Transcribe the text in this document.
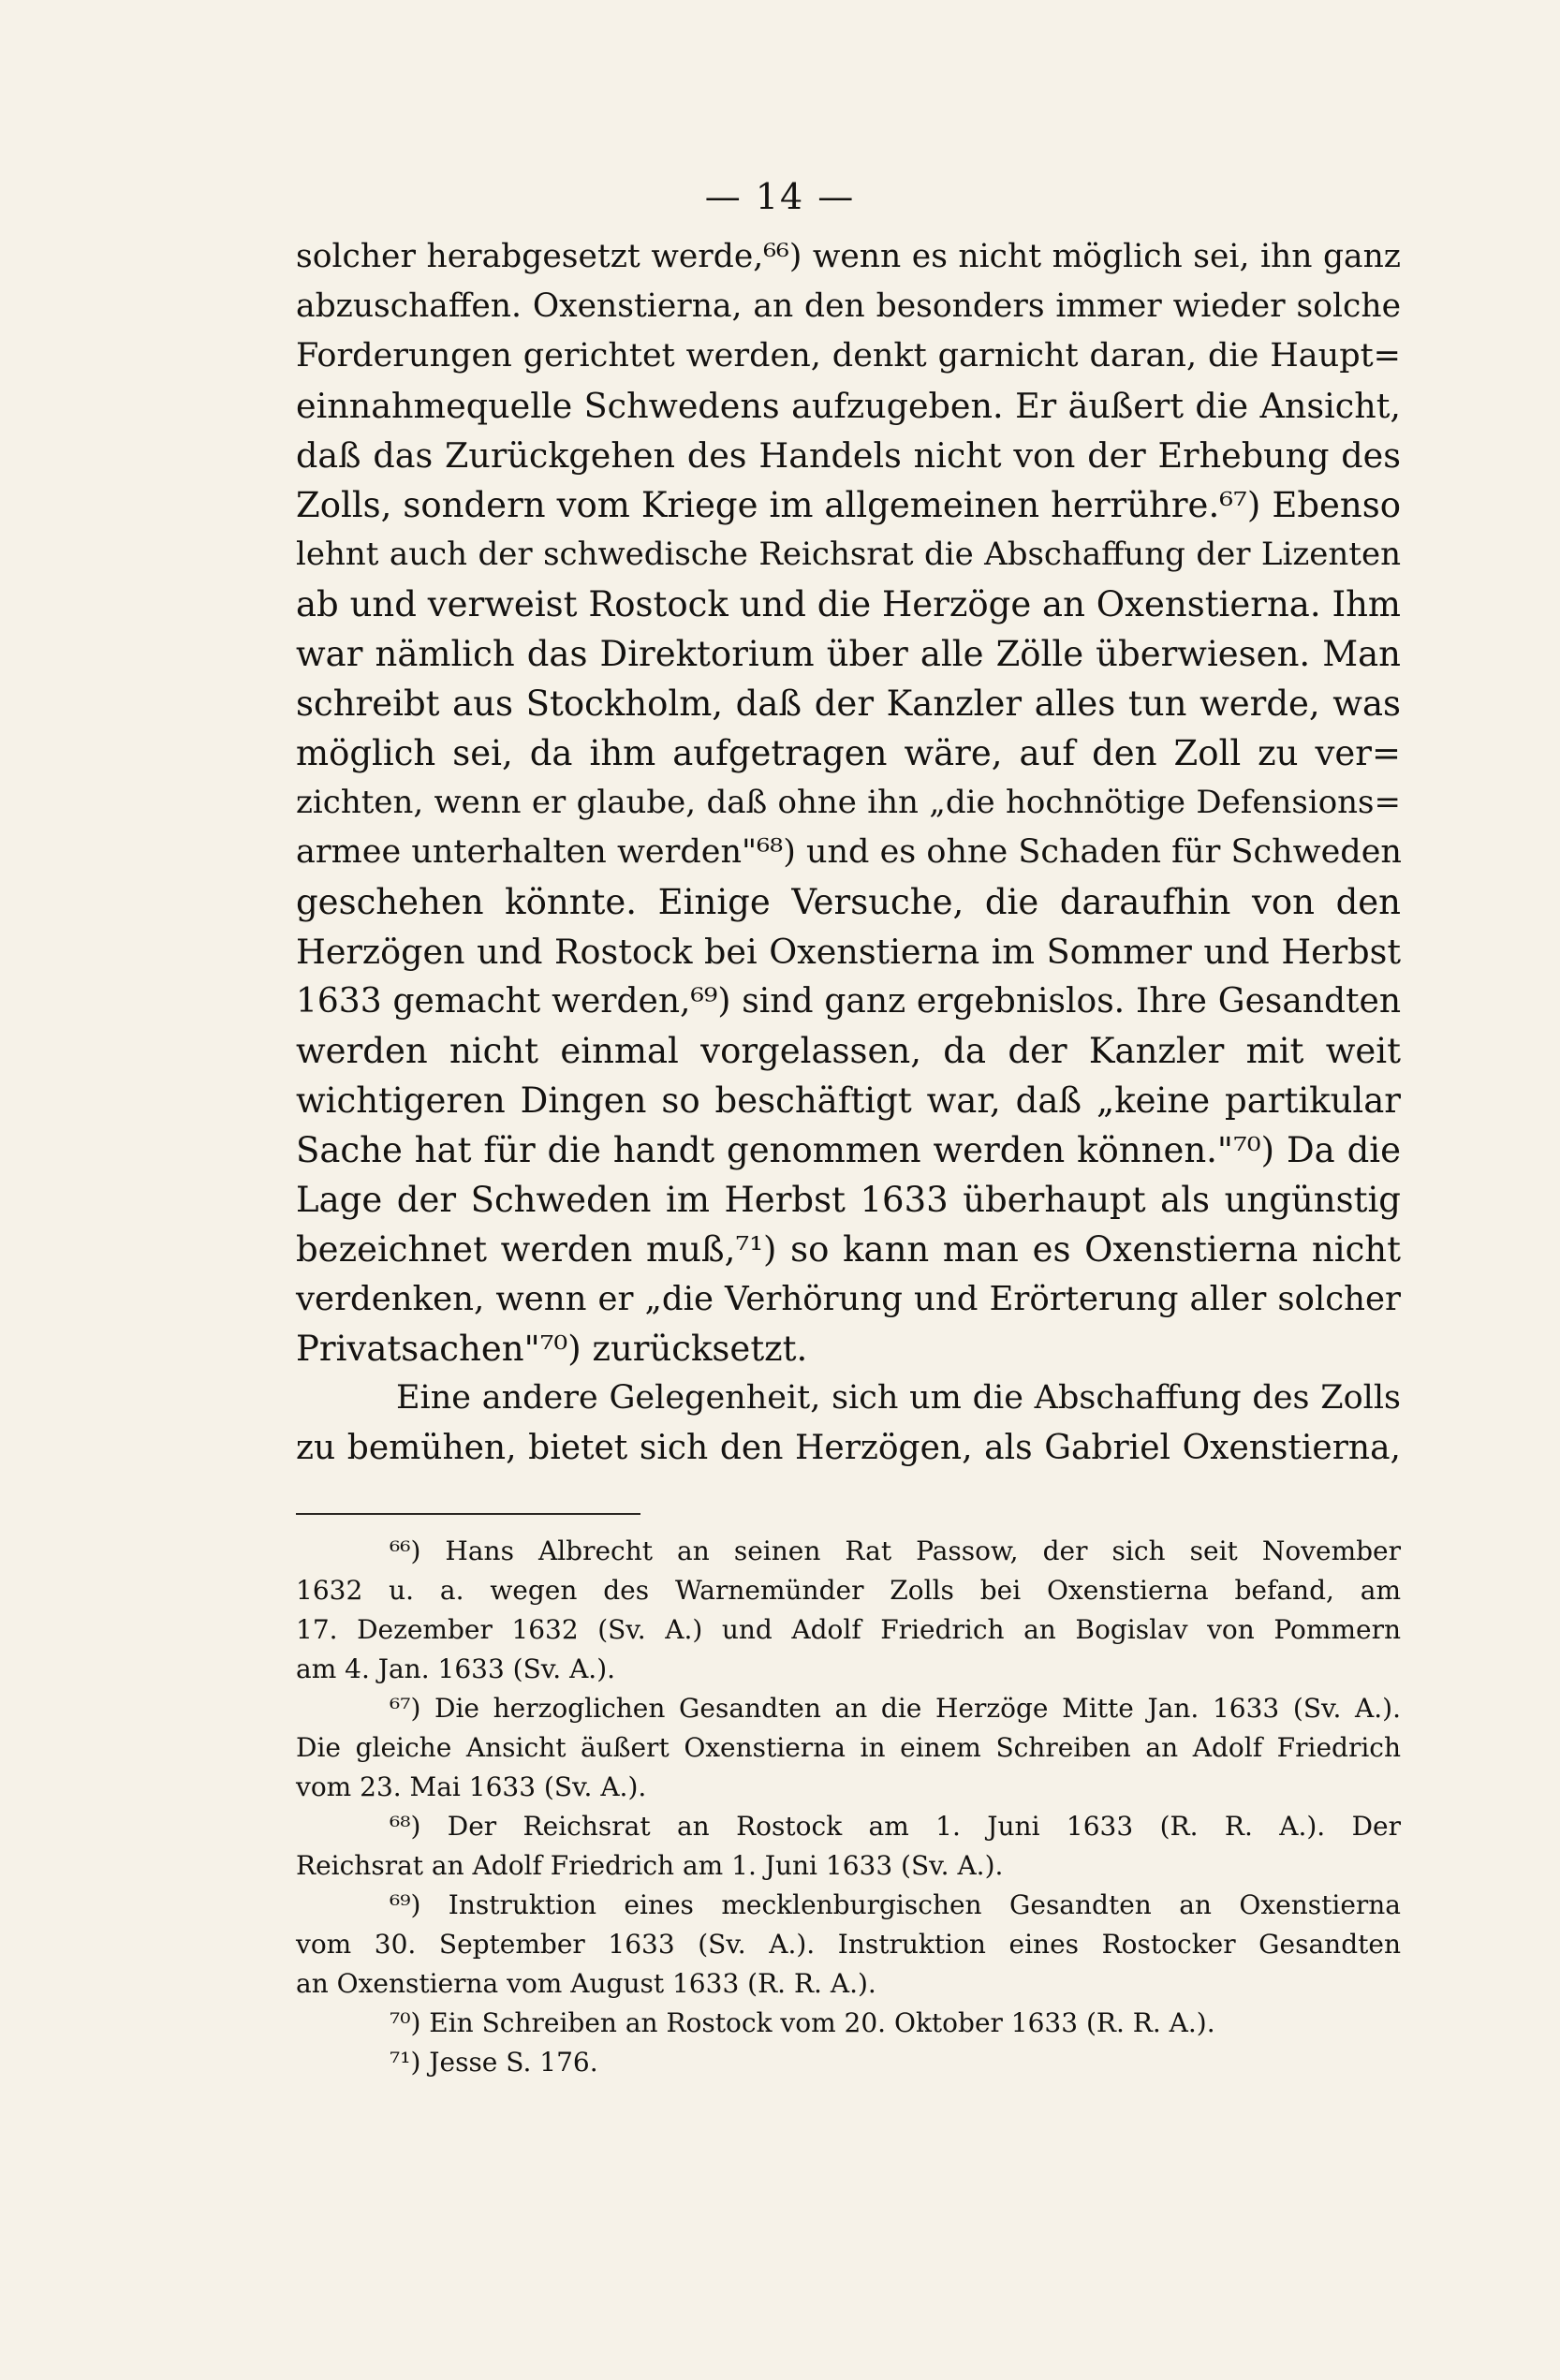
— 14 —
solcher herabgesetzt werde,⁶⁶) wenn es nicht möglich sei, ihn ganz
abzuschaffen. Oxenstierna, an den besonders immer wieder solche
Forderungen gerichtet werden, denkt garnicht daran, die Haupt=
einnahmequelle Schwedens aufzugeben. Er äußert die Ansicht,
daß das Zurückgehen des Handels nicht von der Erhebung des
Zolls, sondern vom Kriege im allgemeinen herrühre.⁶⁷) Ebenso
lehnt auch der schwedische Reichsrat die Abschaffung der Lizenten
ab und verweist Rostock und die Herzöge an Oxenstierna. Ihm
war nämlich das Direktorium über alle Zölle überwiesen. Man
schreibt aus Stockholm, daß der Kanzler alles tun werde, was
möglich sei, da ihm aufgetragen wäre, auf den Zoll zu ver=
zichten, wenn er glaube, daß ohne ihn „die hochnötige Defensions=
armee unterhalten werden"⁶⁸) und es ohne Schaden für Schweden
geschehen könnte. Einige Versuche, die daraufhin von den
Herzögen und Rostock bei Oxenstierna im Sommer und Herbst
1633 gemacht werden,⁶⁹) sind ganz ergebnislos. Ihre Gesandten
werden nicht einmal vorgelassen, da der Kanzler mit weit
wichtigeren Dingen so beschäftigt war, daß „keine partikular
Sache hat für die handt genommen werden können."⁷⁰) Da die
Lage der Schweden im Herbst 1633 überhaupt als ungünstig
bezeichnet werden muß,⁷¹) so kann man es Oxenstierna nicht
verdenken, wenn er „die Verhörung und Erörterung aller solcher
Privatsachen"⁷⁰) zurücksetzt.
Eine andere Gelegenheit, sich um die Abschaffung des Zolls
zu bemühen, bietet sich den Herzögen, als Gabriel Oxenstierna,
⁶⁶) Hans Albrecht an seinen Rat Passow, der sich seit November
1632 u. a. wegen des Warnemünder Zolls bei Oxenstierna befand, am
17. Dezember 1632 (Sv. A.) und Adolf Friedrich an Bogislav von Pommern
am 4. Jan. 1633 (Sv. A.).
⁶⁷) Die herzoglichen Gesandten an die Herzöge Mitte Jan. 1633 (Sv. A.).
Die gleiche Ansicht äußert Oxenstierna in einem Schreiben an Adolf Friedrich
vom 23. Mai 1633 (Sv. A.).
⁶⁸) Der Reichsrat an Rostock am 1. Juni 1633 (R. R. A.). Der
Reichsrat an Adolf Friedrich am 1. Juni 1633 (Sv. A.).
⁶⁹) Instruktion eines mecklenburgischen Gesandten an Oxenstierna
vom 30. September 1633 (Sv. A.). Instruktion eines Rostocker Gesandten
an Oxenstierna vom August 1633 (R. R. A.).
⁷⁰) Ein Schreiben an Rostock vom 20. Oktober 1633 (R. R. A.).
⁷¹) Jesse S. 176.
